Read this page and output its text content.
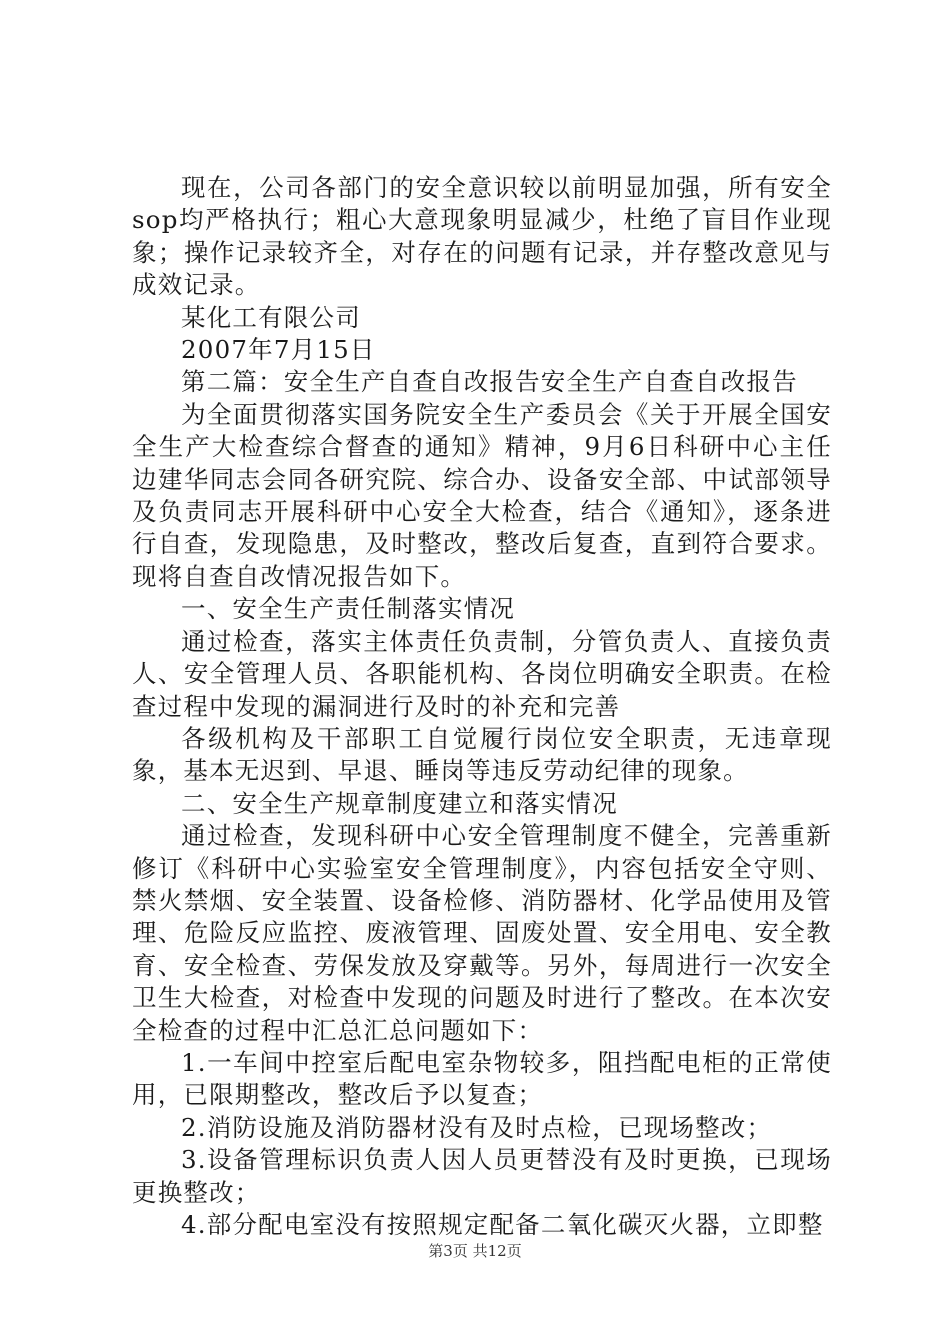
现在，公司各部门的安全意识较以前明显加强，所有安全sop均严格执行；粗心大意现象明显减少，杜绝了盲目作业现象；操作记录较齐全，对存在的问题有记录，并存整改意见与成效记录。

某化工有限公司

2007年7月15日

第二篇：安全生产自查自改报告安全生产自查自改报告

为全面贯彻落实国务院安全生产委员会《关于开展全国安全生产大检查综合督查的通知》精神，9月6日科研中心主任边建华同志会同各研究院、综合办、设备安全部、中试部领导及负责同志开展科研中心安全大检查，结合《通知》，逐条进行自查，发现隐患，及时整改，整改后复查，直到符合要求。现将自查自改情况报告如下。

一、安全生产责任制落实情况

通过检查，落实主体责任负责制，分管负责人、直接负责人、安全管理人员、各职能机构、各岗位明确安全职责。在检查过程中发现的漏洞进行及时的补充和完善

各级机构及干部职工自觉履行岗位安全职责，无违章现象，基本无迟到、早退、睡岗等违反劳动纪律的现象。

二、安全生产规章制度建立和落实情况

通过检查，发现科研中心安全管理制度不健全，完善重新修订《科研中心实验室安全管理制度》，内容包括安全守则、禁火禁烟、安全装置、设备检修、消防器材、化学品使用及管理、危险反应监控、废液管理、固废处置、安全用电、安全教育、安全检查、劳保发放及穿戴等。另外，每周进行一次安全卫生大检查，对检查中发现的问题及时进行了整改。在本次安全检查的过程中汇总汇总问题如下：

1.一车间中控室后配电室杂物较多，阻挡配电柜的正常使用，已限期整改，整改后予以复查；

2.消防设施及消防器材没有及时点检，已现场整改；

3.设备管理标识负责人因人员更替没有及时更换，已现场更换整改；

4.部分配电室没有按照规定配备二氧化碳灭火器，立即整

第3页 共12页
